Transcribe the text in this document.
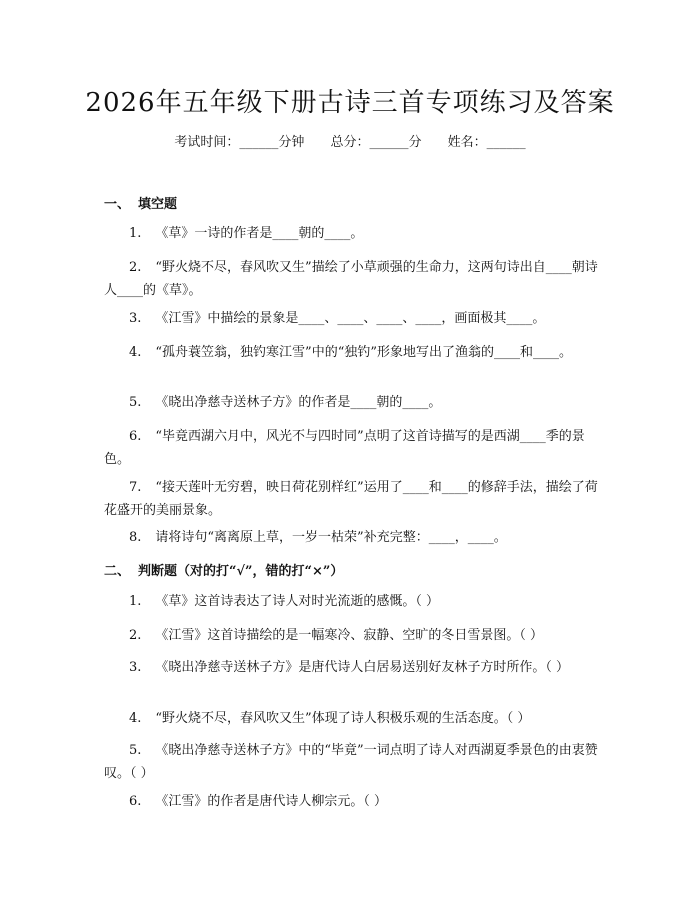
2026年五年级下册古诗三首专项练习及答案
考试时间：______分钟 总分：______分 姓名：______
一、 填空题
1. 《草》一诗的作者是____朝的____。
2. “野火烧不尽，春风吹又生”描绘了小草顽强的生命力，这两句诗出自____朝诗人____的《草》。
3. 《江雪》中描绘的景象是____、____、____、____，画面极其____。
4. “孤舟蓑笠翁，独钓寒江雪”中的“独钓”形象地写出了渔翁的____和____。
5. 《晓出净慈寺送林子方》的作者是____朝的____。
6. “毕竟西湖六月中，风光不与四时同”点明了这首诗描写的是西湖____季的景色。
7. “接天莲叶无穷碧，映日荷花别样红”运用了____和____的修辞手法，描绘了荷花盛开的美丽景象。
8. 请将诗句“离离原上草，一岁一枯荣”补充完整：____，____。
二、 判断题（对的打“√”，错的打“×”）
1. 《草》这首诗表达了诗人对时光流逝的感慨。（ ）
2. 《江雪》这首诗描绘的是一幅寒冷、寂静、空旷的冬日雪景图。（ ）
3. 《晓出净慈寺送林子方》是唐代诗人白居易送别好友林子方时所作。（ ）
4. “野火烧不尽，春风吹又生”体现了诗人积极乐观的生活态度。（ ）
5. 《晓出净慈寺送林子方》中的“毕竟”一词点明了诗人对西湖夏季景色的由衷赞叹。（ ）
6. 《江雪》的作者是唐代诗人柳宗元。（ ）
